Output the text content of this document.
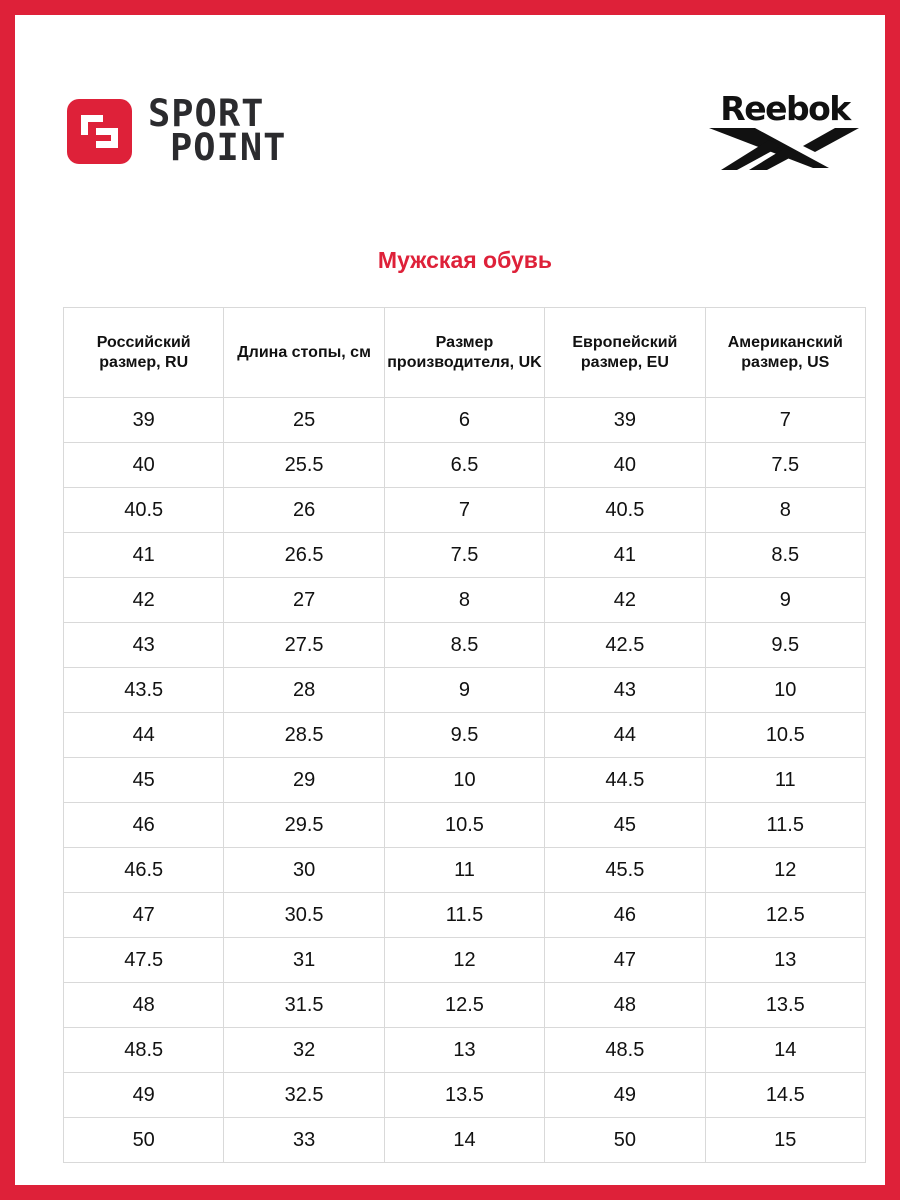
SPORT
POINT
Reebok
Мужская обувь
Российский размер, RU	Длина стопы, см	Размер производителя, UK	Европейский размер, EU	Американский размер, US
39	25	6	39	7
40	25.5	6.5	40	7.5
40.5	26	7	40.5	8
41	26.5	7.5	41	8.5
42	27	8	42	9
43	27.5	8.5	42.5	9.5
43.5	28	9	43	10
44	28.5	9.5	44	10.5
45	29	10	44.5	11
46	29.5	10.5	45	11.5
46.5	30	11	45.5	12
47	30.5	11.5	46	12.5
47.5	31	12	47	13
48	31.5	12.5	48	13.5
48.5	32	13	48.5	14
49	32.5	13.5	49	14.5
50	33	14	50	15
